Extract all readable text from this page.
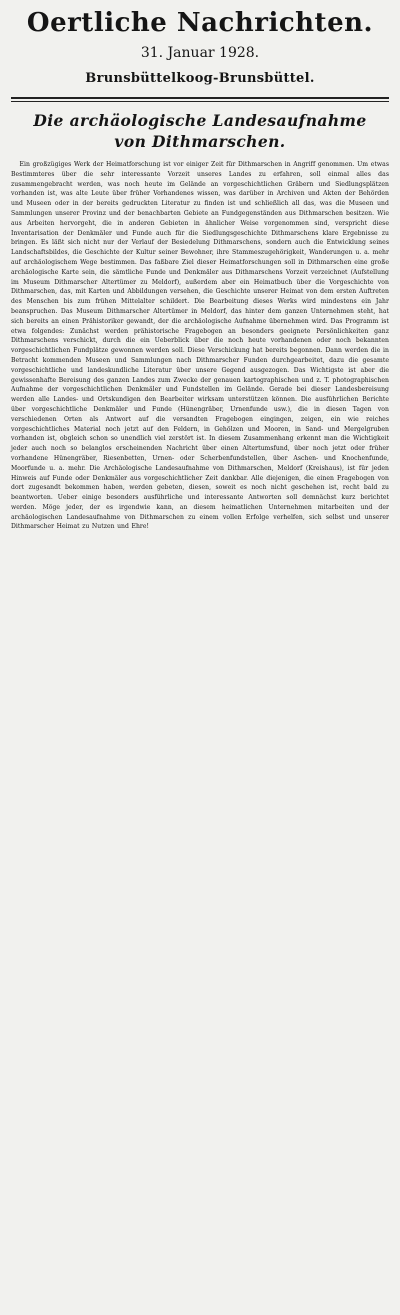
Oertliche Nachrichten.
31. Januar 1928.
Brunsbüttelkoog-Brunsbüttel.
Die archäologische Landesaufnahme von Dithmarschen.
Ein großzügiges Werk der Heimatforschung ist vor einiger Zeit für Dithmarschen in Angriff genommen. Um etwas Bestimmteres über die sehr interessante Vorzeit unseres Landes zu erfahren, soll einmal alles das zusammengebracht werden, was noch heute im Gelände an vorgeschichtlichen Gräbern und Siedlungsplätzen vorhanden ist, was alte Leute über früher Vorhandenes wissen, was darüber in Archiven und Akten der Behörden und Museen oder in der bereits gedruckten Literatur zu finden ist und schließlich all das, was die Museen und Sammlungen unserer Provinz und der benachbarten Gebiete an Fundgegenständen aus Dithmarschen besitzen. Wie aus Arbeiten hervorgeht, die in anderen Gebieten in ähnlicher Weise vorgenommen sind, verspricht diese Inventarisation der Denkmäler und Funde auch für die Siedlungsgeschichte Dithmarschens klare Ergebnisse zu bringen. Es läßt sich nicht nur der Verlauf der Besiedelung Dithmarschens, sondern auch die Entwicklung seines Landschaftsbildes, die Geschichte der Kultur seiner Bewohner, ihre Stammeszugehörigkeit, Wanderungen u. a. mehr auf archäologischem Wege bestimmen. Das faßbare Ziel dieser Heimatforschungen soll in Dithmarschen eine große archäologische Karte sein, die sämtliche Funde und Denkmäler aus Dithmarschens Vorzeit verzeichnet (Aufstellung im Museum Dithmarscher Altertümer zu Meldorf), außerdem aber ein Heimatbuch über die Vorgeschichte von Dithmarschen, das, mit Karten und Abbildungen versehen, die Geschichte unserer Heimat von dem ersten Auftreten des Menschen bis zum frühen Mittelalter schildert. Die Bearbeitung dieses Werks wird mindestens ein Jahr beanspruchen. Das Museum Dithmarscher Altertümer in Meldorf, das hinter dem ganzen Unternehmen steht, hat sich bereits an einen Prähistoriker gewandt, der die archäologische Aufnahme übernehmen wird. Das Programm ist etwa folgendes: Zunächst werden prähistorische Fragebogen an besonders geeignete Persönlichkeiten ganz Dithmarschens verschickt, durch die ein Ueberblick über die noch heute vorhandenen oder noch bekannten vorgeschichtlichen Fundplätze gewonnen werden soll. Diese Verschickung hat bereits begonnen. Dann werden die in Betracht kommenden Museen und Sammlungen nach Dithmarscher Funden durchgearbeitet, dazu die gesamte vorgeschichtliche und landeskundliche Literatur über unsere Gegend ausgezogen. Das Wichtigste ist aber die gewissenhafte Bereisung des ganzen Landes zum Zwecke der genauen kartographischen und z. T. photographischen Aufnahme der vorgeschichtlichen Denkmäler und Fundstellen im Gelände. Gerade bei dieser Landesbereisung werden alle Landes- und Ortskundigen den Bearbeiter wirksam unterstützen können. Die ausführlichen Berichte über vorgeschichtliche Denkmäler und Funde (Hünengräber, Urnenfunde usw.), die in diesen Tagen von verschiedenen Orten als Antwort auf die versandten Fragebogen eingingen, zeigen, ein wie reiches vorgeschichtliches Material noch jetzt auf den Feldern, in Gehölzen und Mooren, in Sand- und Mergelgruben vorhanden ist, obgleich schon so unendlich viel zerstört ist. In diesem Zusammenhang erkennt man die Wichtigkeit jeder auch noch so belanglos erscheinenden Nachricht über einen Altertumsfund, über noch jetzt oder früher vorhandene Hünengräber, Riesenbetten, Urnen- oder Scherbenfundstellen, über Aschen- und Knochenfunde, Moorfunde u. a. mehr. Die Archäologische Landesaufnahme von Dithmarschen, Meldorf (Kreishaus), ist für jeden Hinweis auf Funde oder Denkmäler aus vorgeschichtlicher Zeit dankbar. Alle diejenigen, die einen Fragebogen von dort zugesandt bekommen haben, werden gebeten, diesen, soweit es noch nicht geschehen ist, recht bald zu beantworten. Ueber einige besonders ausführliche und interessante Antworten soll demnächst kurz berichtet werden. Möge jeder, der es irgendwie kann, an diesem heimatlichen Unternehmen mitarbeiten und der archäologischen Landesaufnahme von Dithmarschen zu einem vollen Erfolge verhelfen, sich selbst und unserer Dithmarscher Heimat zu Nutzen und Ehre!
